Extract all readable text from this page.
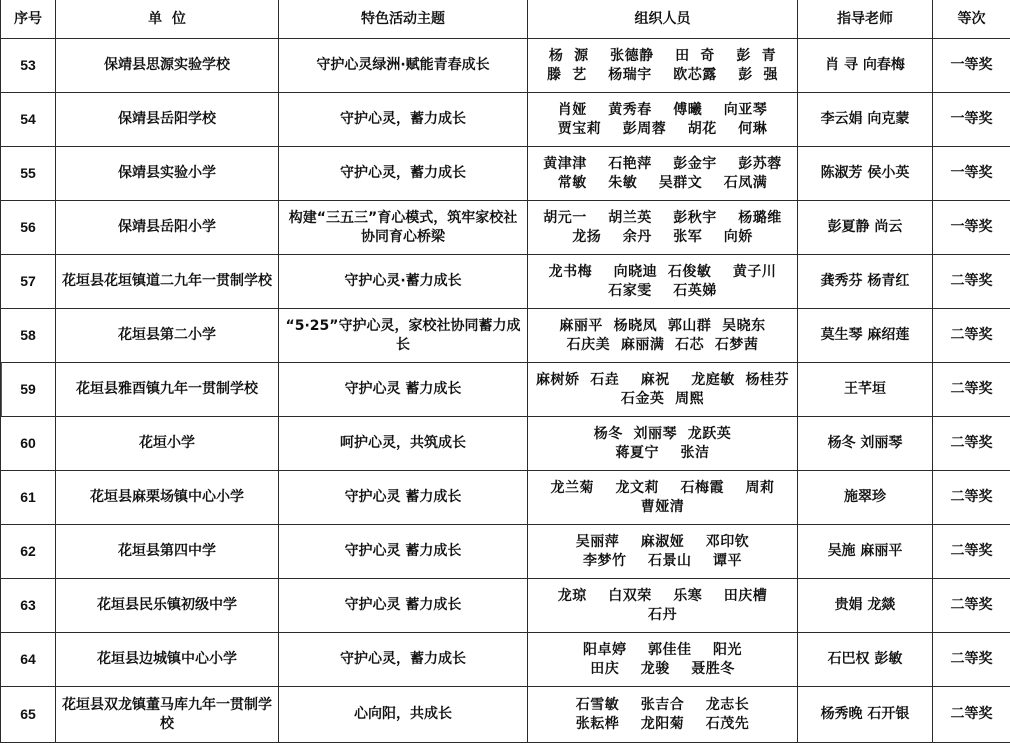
序号	单  位	特色活动主题	组织人员	指导老师	等次
53	保靖县思源实验学校	守护心灵绿洲·赋能青春成长	杨  源    张德静    田  奇    彭  青
滕  艺    杨瑞宇    欧芯露    彭  强	肖 寻 向春梅	一等奖
54	保靖县岳阳学校	守护心灵，蓄力成长	肖娅    黄秀春    傅曦    向亚琴
贾宝莉    彭周蓉    胡花    何琳	李云娟 向克蒙	一等奖
55	保靖县实验小学	守护心灵，蓄力成长	黄津津    石艳萍    彭金宇    彭苏蓉
常敏    朱敏    吴群文    石凤满	陈淑芳 侯小英	一等奖
56	保靖县岳阳小学	构建“三五三”育心模式，筑牢家校社协同育心桥梁	胡元一    胡兰英    彭秋宇    杨璐维
龙扬    余丹    张军    向娇	彭夏静 尚云	一等奖
57	花垣县花垣镇道二九年一贯制学校	守护心灵·蓄力成长	龙书梅    向晓迪  石俊敏    黄子川
石家雯    石英娣	龚秀芬 杨青红	二等奖
58	花垣县第二小学	“5·25”守护心灵，家校社协同蓄力成长	麻丽平  杨晓凤  郭山群  吴晓东
石庆美  麻丽满  石芯  石梦茜	莫生琴 麻绍莲	二等奖
59	花垣县雅酉镇九年一贯制学校	守护心灵 蓄力成长	麻树娇  石垚    麻祝    龙庭敏  杨桂芬
石金英  周熙	王芊垣	二等奖
60	花垣小学	呵护心灵，共筑成长	杨冬  刘丽琴  龙跃英
蒋夏宁    张洁	杨冬 刘丽琴	二等奖
61	花垣县麻栗场镇中心小学	守护心灵 蓄力成长	龙兰菊    龙文莉    石梅霞    周莉
曹娅清	施翠珍	二等奖
62	花垣县第四中学	守护心灵 蓄力成长	吴丽萍    麻淑娅    邓印钦
李梦竹    石景山    谭平	吴施 麻丽平	二等奖
63	花垣县民乐镇初级中学	守护心灵 蓄力成长	龙琼    白双荣    乐寒    田庆槽
石丹	贵娟 龙燚	二等奖
64	花垣县边城镇中心小学	守护心灵，蓄力成长	阳卓婷    郭佳佳    阳光
田庆    龙骏    聂胜冬	石巴权 彭敏	二等奖
65	花垣县双龙镇董马库九年一贯制学校	心向阳，共成长	石雪敏    张吉合    龙志长
张耘桦    龙阳菊    石茂先	杨秀晚 石开银	二等奖
